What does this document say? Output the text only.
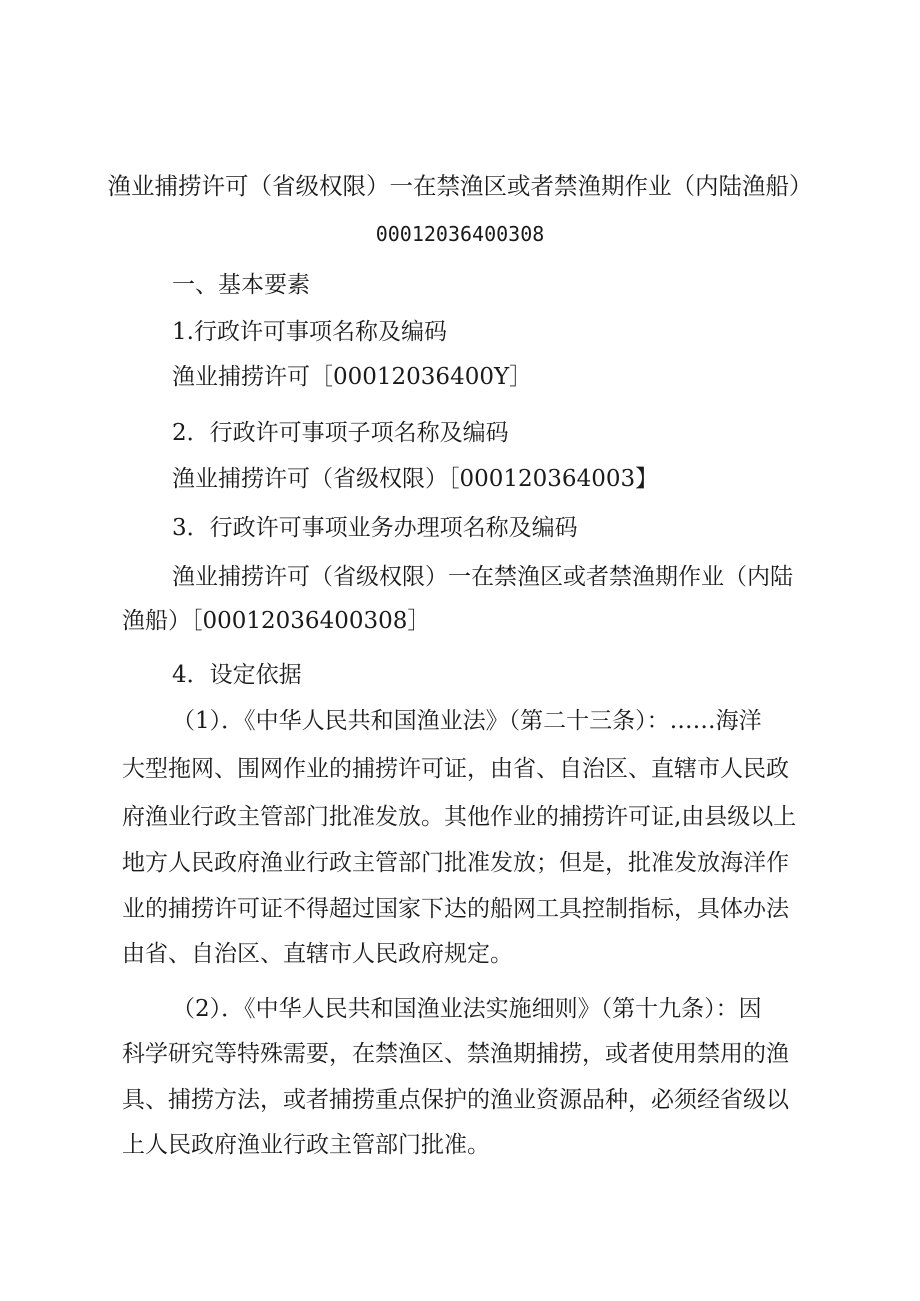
渔业捕捞许可（省级权限）一在禁渔区或者禁渔期作业（内陆渔船）
00012036400308
一、基本要素
1.行政许可事项名称及编码
渔业捕捞许可［00012036400Y］
2．行政许可事项子项名称及编码
渔业捕捞许可（省级权限）［000120364003】
3．行政许可事项业务办理项名称及编码
渔业捕捞许可（省级权限）一在禁渔区或者禁渔期作业（内陆
渔船）［00012036400308］
4．设定依据
（1）．《中华人民共和国渔业法》（第二十三条）：……海洋
大型拖网、围网作业的捕捞许可证，由省、自治区、直辖市人民政
府渔业行政主管部门批准发放。其他作业的捕捞许可证,由县级以上
地方人民政府渔业行政主管部门批准发放；但是，批准发放海洋作
业的捕捞许可证不得超过国家下达的船网工具控制指标，具体办法
由省、自治区、直辖市人民政府规定。
（2）．《中华人民共和国渔业法实施细则》（第十九条）：因
科学研究等特殊需要，在禁渔区、禁渔期捕捞，或者使用禁用的渔
具、捕捞方法，或者捕捞重点保护的渔业资源品种，必须经省级以
上人民政府渔业行政主管部门批准。
